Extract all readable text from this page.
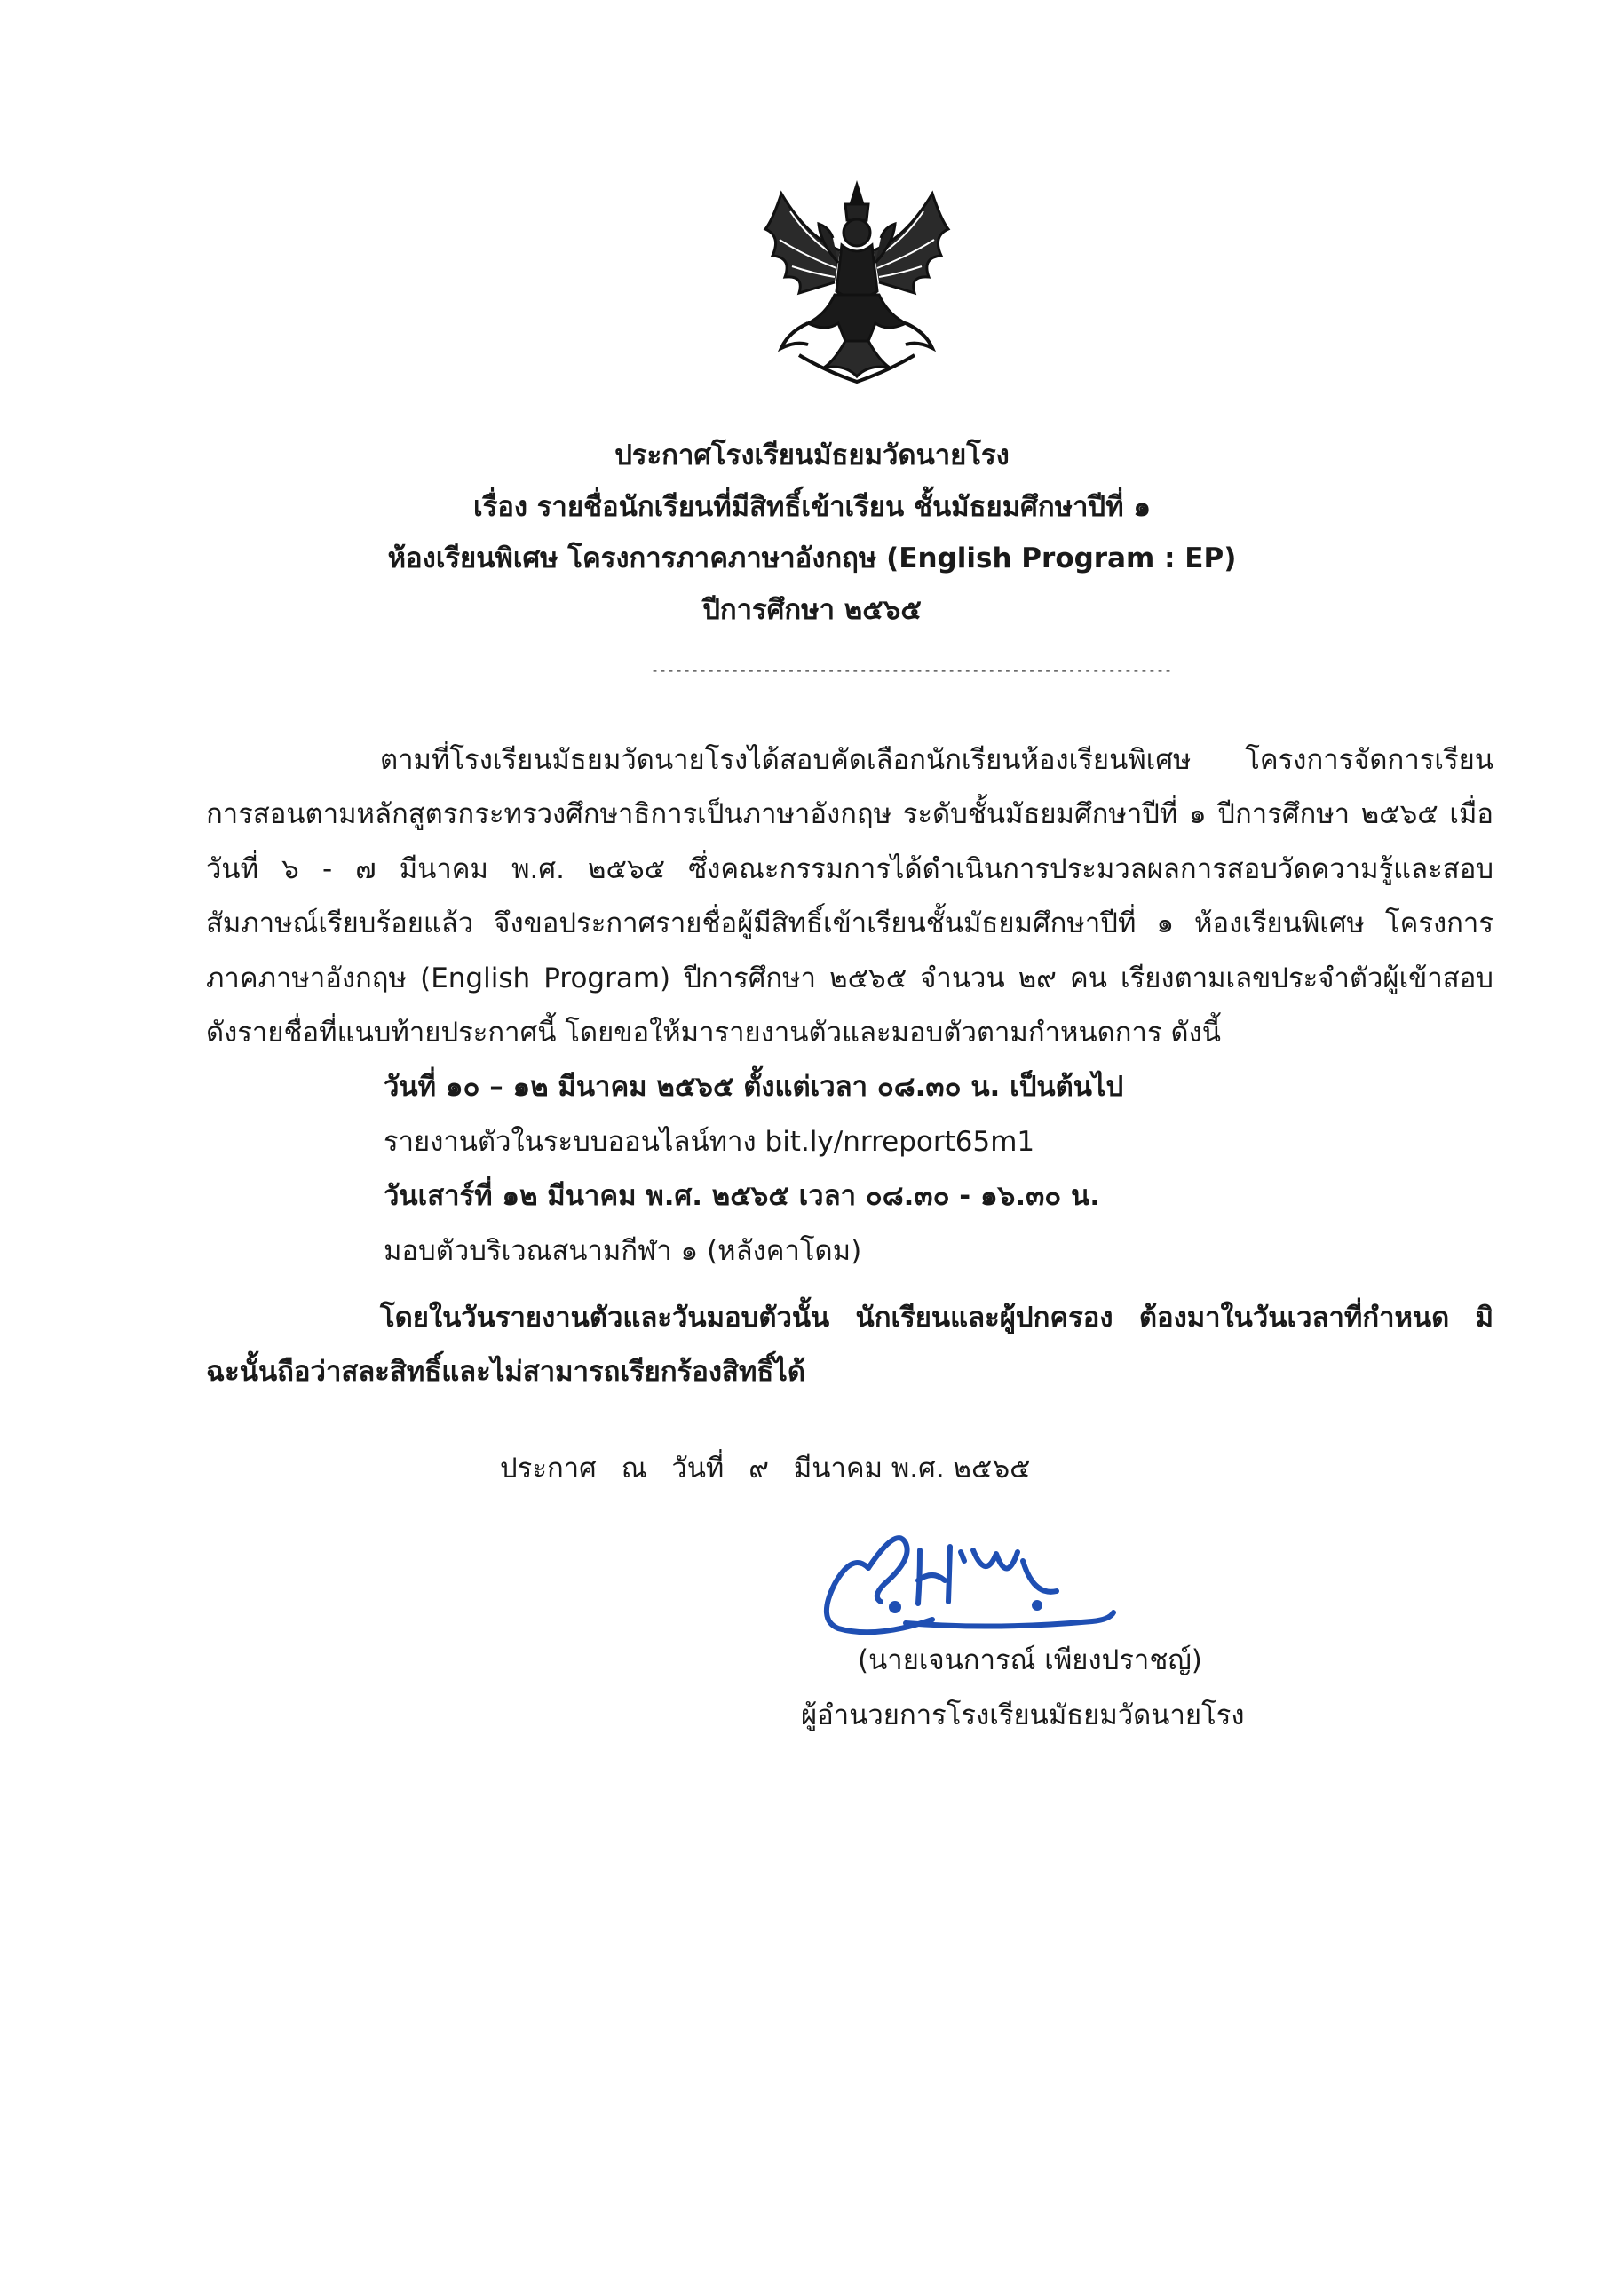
ประกาศโรงเรียนมัธยมวัดนายโรง
เรื่อง รายชื่อนักเรียนที่มีสิทธิ์เข้าเรียน ชั้นมัธยมศึกษาปีที่ ๑
ห้องเรียนพิเศษ โครงการภาคภาษาอังกฤษ (English Program : EP)
ปีการศึกษา ๒๕๖๕
-----------------------------------------------------------------
ตามที่โรงเรียนมัธยมวัดนายโรงได้สอบคัดเลือกนักเรียนห้องเรียนพิเศษ โครงการจัดการเรียนการสอนตามหลักสูตรกระทรวงศึกษาธิการเป็นภาษาอังกฤษ ระดับชั้นมัธยมศึกษาปีที่ ๑ ปีการศึกษา ๒๕๖๕ เมื่อวันที่ ๖ - ๗ มีนาคม พ.ศ. ๒๕๖๕ ซึ่งคณะกรรมการได้ดำเนินการประมวลผลการสอบวัดความรู้และสอบสัมภาษณ์เรียบร้อยแล้ว จึงขอประกาศรายชื่อผู้มีสิทธิ์เข้าเรียนชั้นมัธยมศึกษาปีที่ ๑ ห้องเรียนพิเศษ โครงการภาคภาษาอังกฤษ (English Program) ปีการศึกษา ๒๕๖๕ จำนวน ๒๙ คน เรียงตามเลขประจำตัวผู้เข้าสอบ ดังรายชื่อที่แนบท้ายประกาศนี้ โดยขอให้มารายงานตัวและมอบตัวตามกำหนดการ ดังนี้
วันที่ ๑๐ – ๑๒ มีนาคม ๒๕๖๕ ตั้งแต่เวลา ๐๘.๓๐ น. เป็นต้นไป
รายงานตัวในระบบออนไลน์ทาง bit.ly/nrreport65m1
วันเสาร์ที่ ๑๒ มีนาคม พ.ศ. ๒๕๖๕ เวลา ๐๘.๓๐ - ๑๖.๓๐ น.
มอบตัวบริเวณสนามกีฬา ๑ (หลังคาโดม)
โดยในวันรายงานตัวและวันมอบตัวนั้น นักเรียนและผู้ปกครอง ต้องมาในวันเวลาที่กำหนด มิฉะนั้นถือว่าสละสิทธิ์และไม่สามารถเรียกร้องสิทธิ์ได้
ประกาศ ณ วันที่ ๙ มีนาคม พ.ศ. ๒๕๖๕
(นายเจนการณ์ เพียงปราชญ์)
ผู้อำนวยการโรงเรียนมัธยมวัดนายโรง
